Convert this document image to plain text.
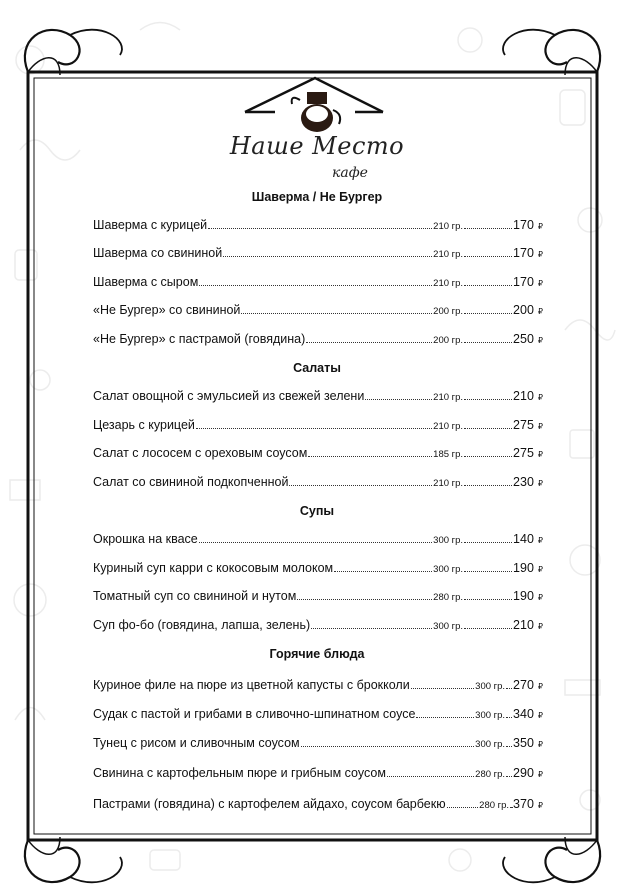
Наше Место
кафе
Шаверма / Не Бургер
Шаверма с курицей	210 гр.	170 ₽
Шаверма со свининой	210 гр.	170 ₽
Шаверма с сыром	210 гр.	170 ₽
«Не Бургер» со свининой	200 гр.	200 ₽
«Не Бургер» с пастрамой (говядина)	200 гр.	250 ₽
Салаты
Салат овощной с эмульсией из свежей зелени	210 гр.	210 ₽
Цезарь с курицей	210 гр.	275 ₽
Салат с лососем с ореховым соусом	185 гр.	275 ₽
Салат со свининой подкопченной	210 гр.	230 ₽
Супы
Окрошка на квасе	300 гр.	140 ₽
Куриный суп карри с кокосовым молоком	300 гр.	190 ₽
Томатный суп со свининой и нутом	280 гр.	190 ₽
Суп фо-бо (говядина, лапша, зелень)	300 гр.	210 ₽
Горячие блюда
Куриное филе на пюре из цветной капусты с брокколи	300 гр. 270 ₽
Судак с пастой и грибами в сливочно-шпинатном соусе	300 гр. 340 ₽
Тунец с рисом и сливочным соусом	300 гр. 350 ₽
Свинина с картофельным пюре и грибным соусом	280 гр. 290 ₽
Пастрами (говядина) с картофелем айдахо, соусом барбекю	280 гр. 370 ₽
